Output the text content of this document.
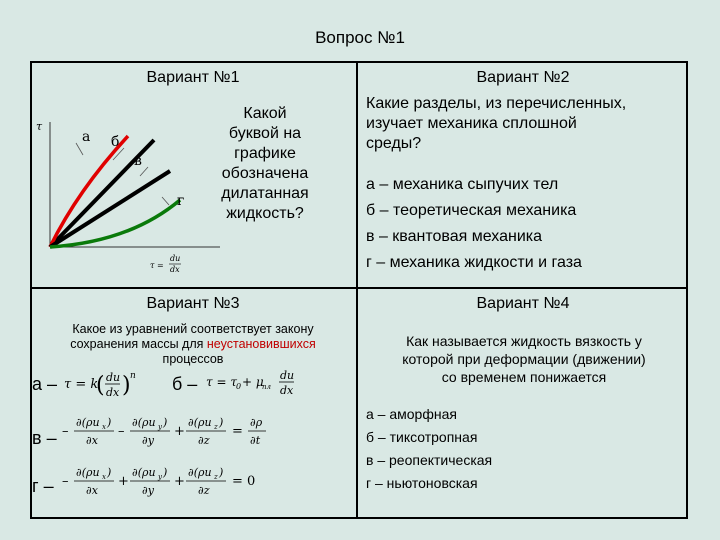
Вопрос №1
Вариант №1
τ
а б
в
г
τ =
du
dx
Какой
буквой на
графике
обозначена
дилатанная
жидкость?
Вариант №2
Какие разделы, из перечисленных,
изучает механика сплошной
среды?
а – механика сыпучих тел
б – теоретическая механика
в – квантовая механика
г – механика жидкости и газа
Вариант №3
Какое из уравнений соответствует закону
сохранения массы для неустановившихся
процессов
а – τ = k
( du
dx ) n б – τ = τ 0 + μ
пл
du
dx
в – –
∂(ρu x )
∂x
–
∂(ρu y )
∂y
+
∂(ρu z )
∂z
=
∂ρ
∂t
г – –
∂(ρu x )
∂x
+
∂(ρu y )
∂y
+
∂(ρu z )
∂z
= 0
Вариант №4
Как называется жидкость вязкость у
которой при деформации (движении)
со временем понижается
а – аморфная
б – тиксотропная
в – реопектическая
г – ньютоновская
